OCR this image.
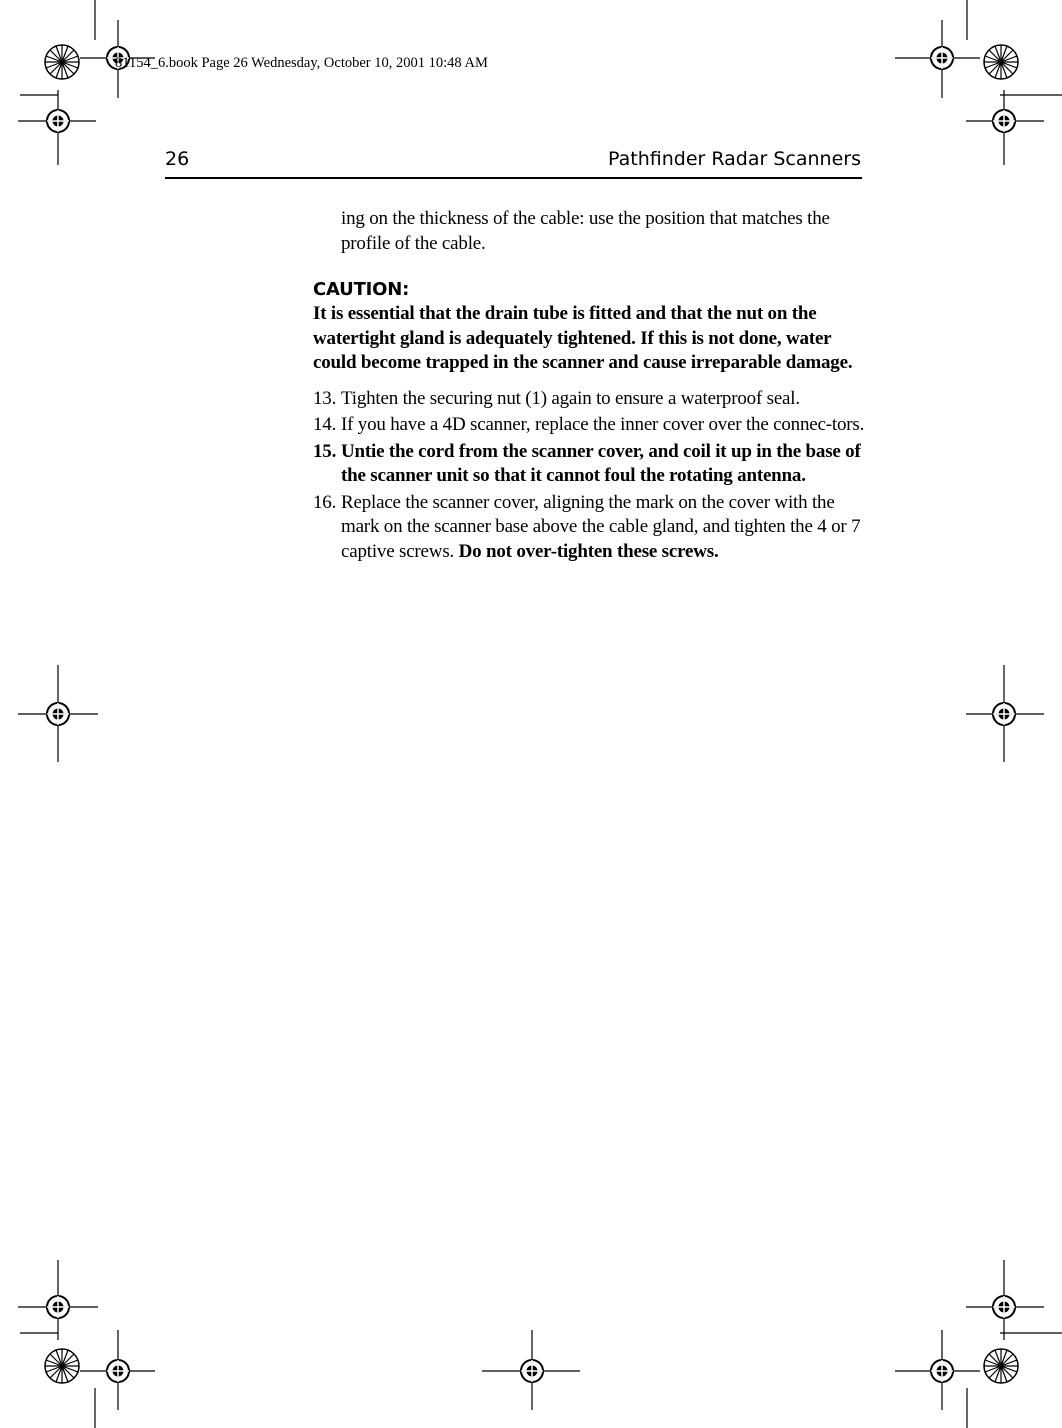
81154_6.book Page 26 Wednesday, October 10, 2001 10:48 AM
26	Pathfinder Radar Scanners

ing on the thickness of the cable: use the position that matches the profile of the cable.

CAUTION:

It is essential that the drain tube is fitted and that the nut on the watertight gland is adequately tightened. If this is not done, water could become trapped in the scanner and cause irreparable damage.

13. Tighten the securing nut (1) again to ensure a waterproof seal.
14. If you have a 4D scanner, replace the inner cover over the connec-tors.
15. Untie the cord from the scanner cover, and coil it up in the base of the scanner unit so that it cannot foul the rotating antenna.
16. Replace the scanner cover, aligning the mark on the cover with the mark on the scanner base above the cable gland, and tighten the 4 or 7 captive screws. Do not over-tighten these screws.
